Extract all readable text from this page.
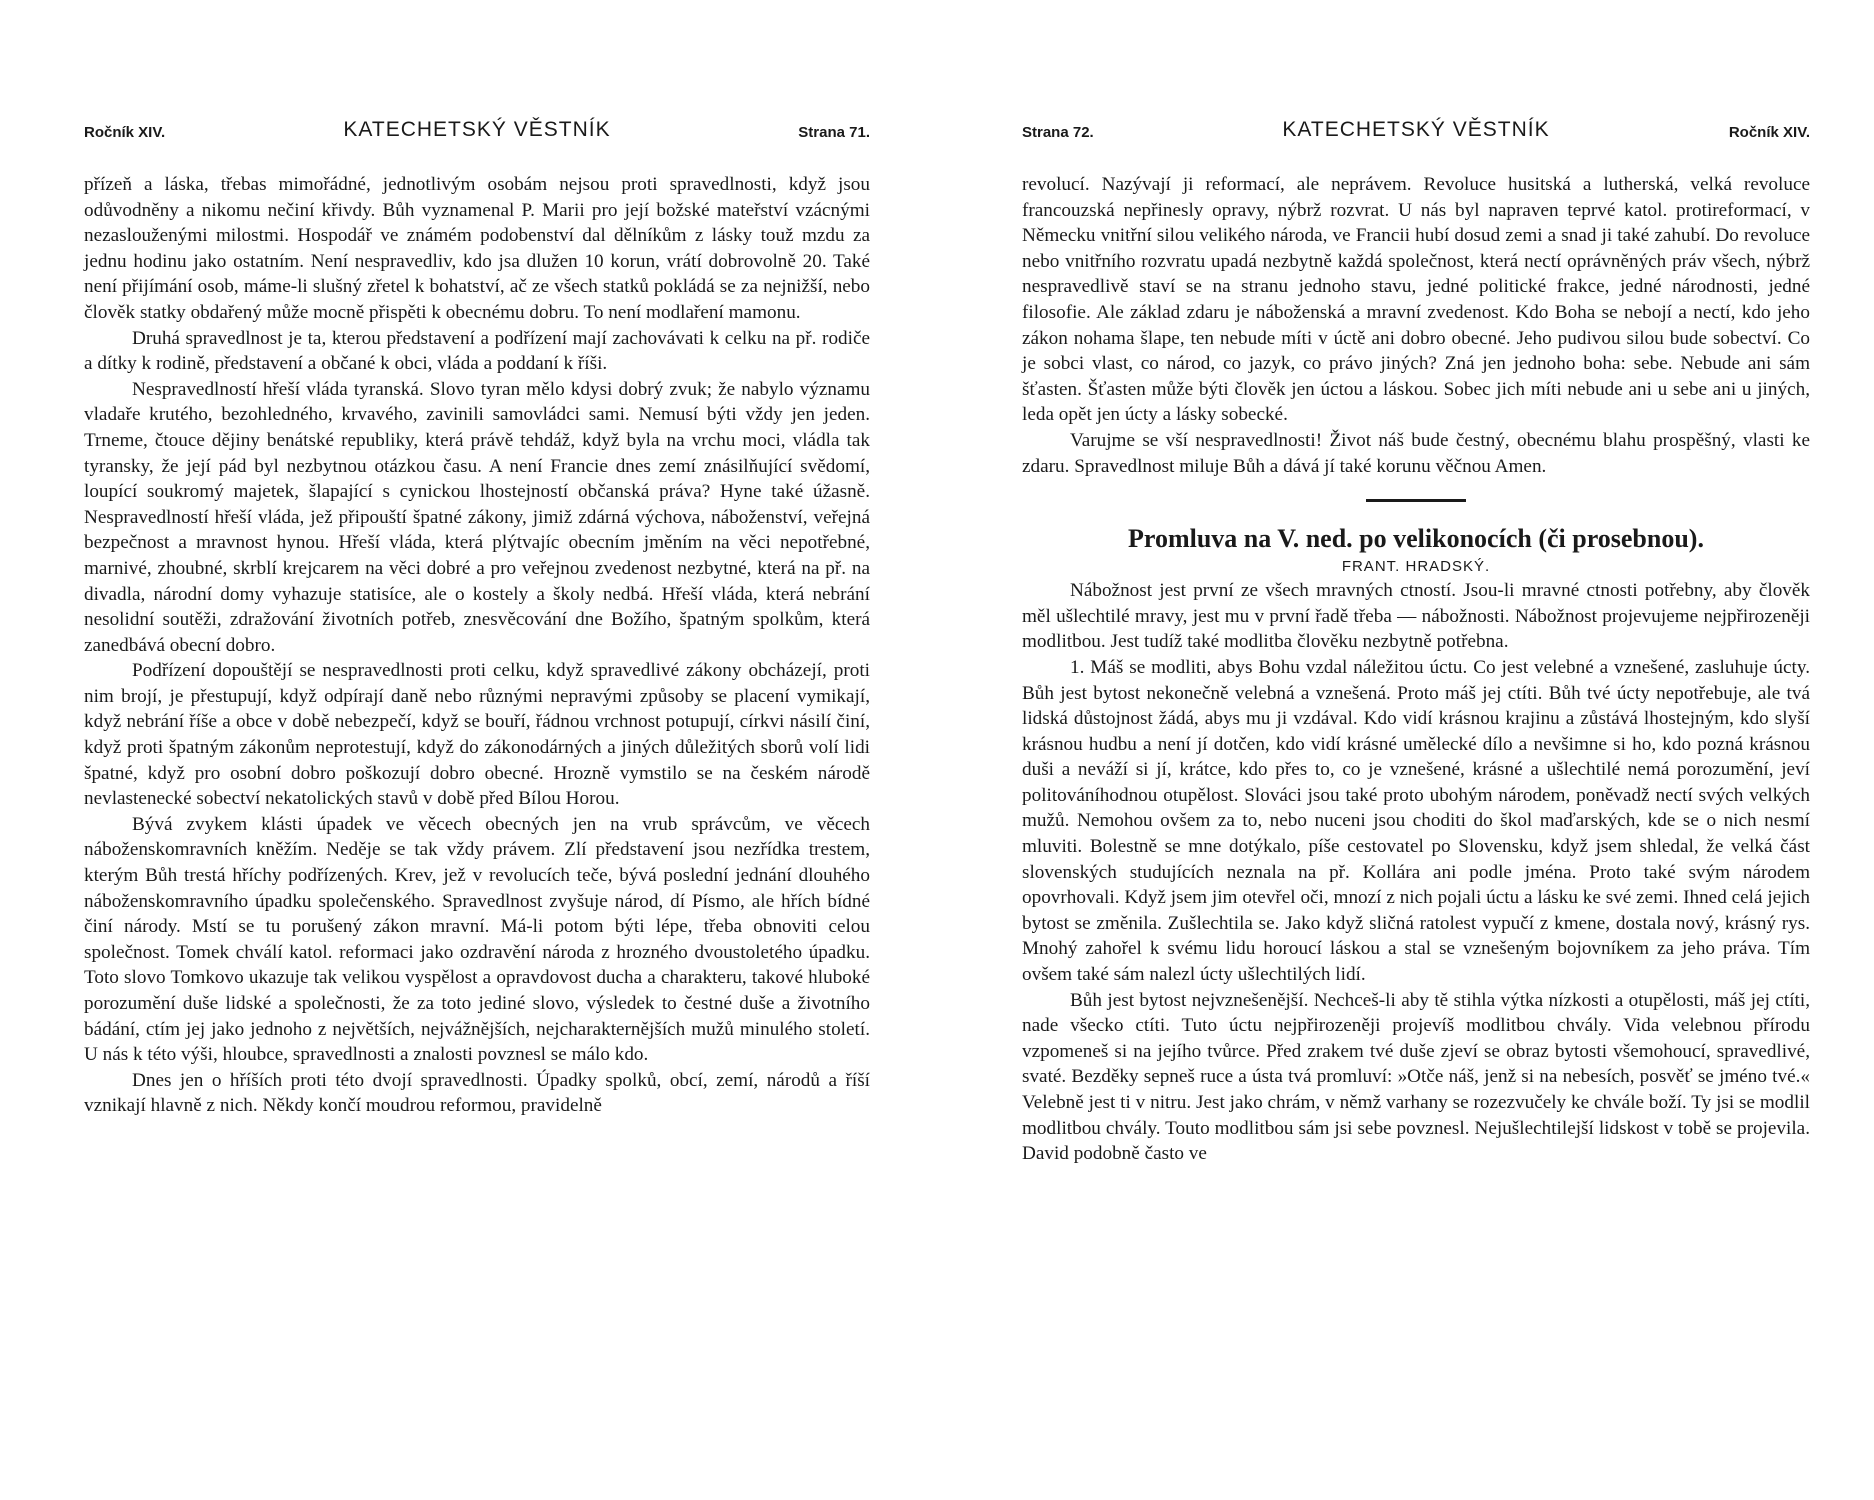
Ročník XIV.	KATECHETSKÝ VĚSTNÍK	Strana 71.

přízeň a láska, třebas mimořádné, jednotlivým osobám nejsou proti spravedlnosti, když jsou odůvodněny a nikomu nečiní křivdy. Bůh vyznamenal P. Marii pro její božské mateřství vzácnými nezaslouženými milostmi. Hospodář ve známém podobenství dal dělníkům z lásky touž mzdu za jednu hodinu jako ostatním. Není nespravedliv, kdo jsa dlužen 10 korun, vrátí dobrovolně 20. Také není přijímání osob, máme-li slušný zřetel k bohatství, ač ze všech statků pokládá se za nejnižší, nebo člověk statky obdařený může mocně přispěti k obecnému dobru. To není modlaření mamonu.

Druhá spravedlnost je ta, kterou představení a podřízení mají zachovávati k celku na př. rodiče a dítky k rodině, představení a občané k obci, vláda a poddaní k říši.

Nespravedlností hřeší vláda tyranská. Slovo tyran mělo kdysi dobrý zvuk; že nabylo významu vladaře krutého, bezohledného, krvavého, zavinili samovládci sami. Nemusí býti vždy jen jeden. Trneme, čtouce dějiny benátské republiky, která právě tehdáž, když byla na vrchu moci, vládla tak tyransky, že její pád byl nezbytnou otázkou času. A není Francie dnes zemí znásilňující svědomí, loupící soukromý majetek, šlapající s cynickou lhostejností občanská práva? Hyne také úžasně. Nespravedlností hřeší vláda, jež připouští špatné zákony, jimiž zdárná výchova, náboženství, veřejná bezpečnost a mravnost hynou. Hřeší vláda, která plýtvajíc obecním jměním na věci nepotřebné, marnivé, zhoubné, skrblí krejcarem na věci dobré a pro veřejnou zvedenost nezbytné, která na př. na divadla, národní domy vyhazuje statisíce, ale o kostely a školy nedbá. Hřeší vláda, která nebrání nesolidní soutěži, zdražování životních potřeb, znesvěcování dne Božího, špatným spolkům, která zanedbává obecní dobro.

Podřízení dopouštějí se nespravedlnosti proti celku, když spravedlivé zákony obcházejí, proti nim brojí, je přestupují, když odpírají daně nebo různými nepravými způsoby se placení vymikají, když nebrání říše a obce v době nebezpečí, když se bouří, řádnou vrchnost potupují, církvi násilí činí, když proti špatným zákonům neprotestují, když do zákonodárných a jiných důležitých sborů volí lidi špatné, když pro osobní dobro poškozují dobro obecné. Hrozně vymstilo se na českém národě nevlastenecké sobectví nekatolických stavů v době před Bílou Horou.

Bývá zvykem klásti úpadek ve věcech obecných jen na vrub správcům, ve věcech náboženskomravních kněžím. Neděje se tak vždy právem. Zlí představení jsou nezřídka trestem, kterým Bůh trestá hříchy podřízených. Krev, jež v revolucích teče, bývá poslední jednání dlouhého náboženskomravního úpadku společenského. Spravedlnost zvyšuje národ, dí Písmo, ale hřích bídné činí národy. Mstí se tu porušený zákon mravní. Má-li potom býti lépe, třeba obnoviti celou společnost. Tomek chválí katol. reformaci jako ozdravění národa z hrozného dvoustoletého úpadku. Toto slovo Tomkovo ukazuje tak velikou vyspělost a opravdovost ducha a charakteru, takové hluboké porozumění duše lidské a společnosti, že za toto jediné slovo, výsledek to čestné duše a životního bádání, ctím jej jako jednoho z největších, nejvážnějších, nejcharakternějších mužů minulého století. U nás k této výši, hloubce, spravedlnosti a znalosti povznesl se málo kdo.

Dnes jen o hříších proti této dvojí spravedlnosti. Úpadky spolků, obcí, zemí, národů a říší vznikají hlavně z nich. Někdy končí moudrou reformou, pravidelně

Strana 72.	KATECHETSKÝ VĚSTNÍK	Ročník XIV.

revolucí. Nazývají ji reformací, ale neprávem. Revoluce husitská a lutherská, velká revoluce francouzská nepřinesly opravy, nýbrž rozvrat. U nás byl napraven teprvé katol. protireformací, v Německu vnitřní silou velikého národa, ve Francii hubí dosud zemi a snad ji také zahubí. Do revoluce nebo vnitřního rozvratu upadá nezbytně každá společnost, která nectí oprávněných práv všech, nýbrž nespravedlivě staví se na stranu jednoho stavu, jedné politické frakce, jedné národnosti, jedné filosofie. Ale základ zdaru je náboženská a mravní zvedenost. Kdo Boha se nebojí a nectí, kdo jeho zákon nohama šlape, ten nebude míti v úctě ani dobro obecné. Jeho pudivou silou bude sobectví. Co je sobci vlast, co národ, co jazyk, co právo jiných? Zná jen jednoho boha: sebe. Nebude ani sám šťasten. Šťasten může býti člověk jen úctou a láskou. Sobec jich míti nebude ani u sebe ani u jiných, leda opět jen úcty a lásky sobecké.

Varujme se vší nespravedlnosti! Život náš bude čestný, obecnému blahu prospěšný, vlasti ke zdaru. Spravedlnost miluje Bůh a dává jí také korunu věčnou Amen.

Promluva na V. ned. po velikonocích (či prosebnou).
FRANT. HRADSKÝ.

Nábožnost jest první ze všech mravných ctností. Jsou-li mravné ctnosti potřebny, aby člověk měl ušlechtilé mravy, jest mu v první řadě třeba — nábožnosti. Nábožnost projevujeme nejpřirozeněji modlitbou. Jest tudíž také modlitba člověku nezbytně potřebna.

1. Máš se modliti, abys Bohu vzdal náležitou úctu. Co jest velebné a vznešené, zasluhuje úcty. Bůh jest bytost nekonečně velebná a vznešená. Proto máš jej ctíti. Bůh tvé úcty nepotřebuje, ale tvá lidská důstojnost žádá, abys mu ji vzdával. Kdo vidí krásnou krajinu a zůstává lhostejným, kdo slyší krásnou hudbu a není jí dotčen, kdo vidí krásné umělecké dílo a nevšimne si ho, kdo pozná krásnou duši a neváží si jí, krátce, kdo přes to, co je vznešené, krásné a ušlechtilé nemá porozumění, jeví politováníhodnou otupělost. Slováci jsou také proto ubohým národem, poněvadž nectí svých velkých mužů. Nemohou ovšem za to, nebo nuceni jsou choditi do škol maďarských, kde se o nich nesmí mluviti. Bolestně se mne dotýkalo, píše cestovatel po Slovensku, když jsem shledal, že velká část slovenských studujících neznala na př. Kollára ani podle jména. Proto také svým národem opovrhovali. Když jsem jim otevřel oči, mnozí z nich pojali úctu a lásku ke své zemi. Ihned celá jejich bytost se změnila. Zušlechtila se. Jako když sličná ratolest vypučí z kmene, dostala nový, krásný rys. Mnohý zahořel k svému lidu horoucí láskou a stal se vznešeným bojovníkem za jeho práva. Tím ovšem také sám nalezl úcty ušlechtilých lidí.

Bůh jest bytost nejvznešenější. Nechceš-li aby tě stihla výtka nízkosti a otupělosti, máš jej ctíti, nade všecko ctíti. Tuto úctu nejpřirozeněji projevíš modlitbou chvály. Vida velebnou přírodu vzpomeneš si na jejího tvůrce. Před zrakem tvé duše zjeví se obraz bytosti všemohoucí, spravedlivé, svaté. Bezděky sepneš ruce a ústa tvá promluví: »Otče náš, jenž si na nebesích, posvěť se jméno tvé.« Velebně jest ti v nitru. Jest jako chrám, v němž varhany se rozezvučely ke chvále boží. Ty jsi se modlil modlitbou chvály. Touto modlitbou sám jsi sebe povznesl. Nejušlechtilejší lidskost v tobě se projevila. David podobně často ve
